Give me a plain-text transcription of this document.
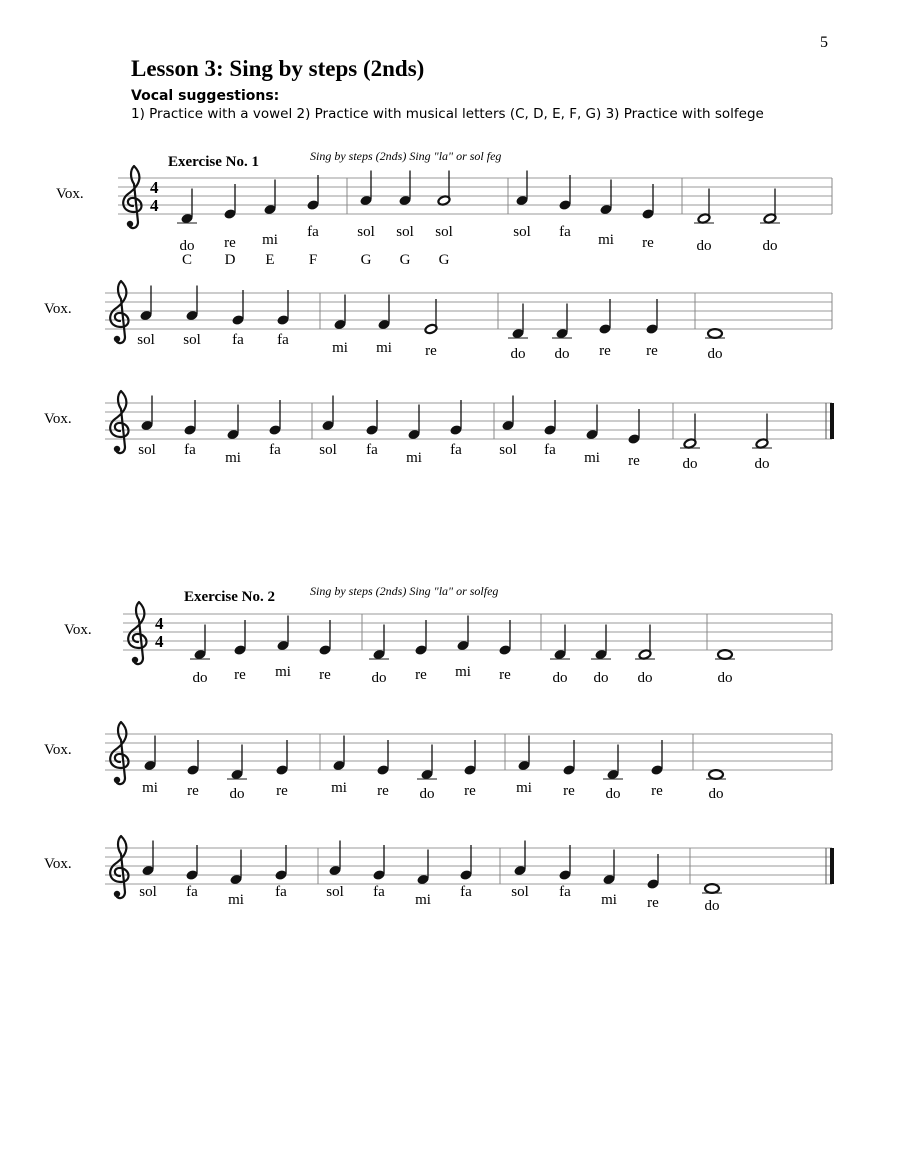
5
Lesson 3: Sing by steps (2nds)
Vocal suggestions:
1) Practice with a vowel 2) Practice with musical letters (C, D, E, F, G) 3) Practice with solfege
Exercise No. 1	Sing by steps (2nds) Sing "la" or sol feg
Vox.	4
4
do
C
re
D
mi
E
fa
F
sol
G
sol
G
sol
G
sol fa mi re	do	do
Vox.
sol sol fa fa	mi mi re	do do re re	do
Vox.
sol fa mi fa	sol fa mi fa sol fa mi re	do	do
Exercise No. 2	Sing by steps (2nds) Sing "la" or solfeg
Vox.	4
4
do re mi re	do re mi re	do do do	do
Vox.
mi re do re	mi re do re	mi re do re	do
Vox.
sol fa mi fa	sol fa mi fa	sol fa mi re	do
